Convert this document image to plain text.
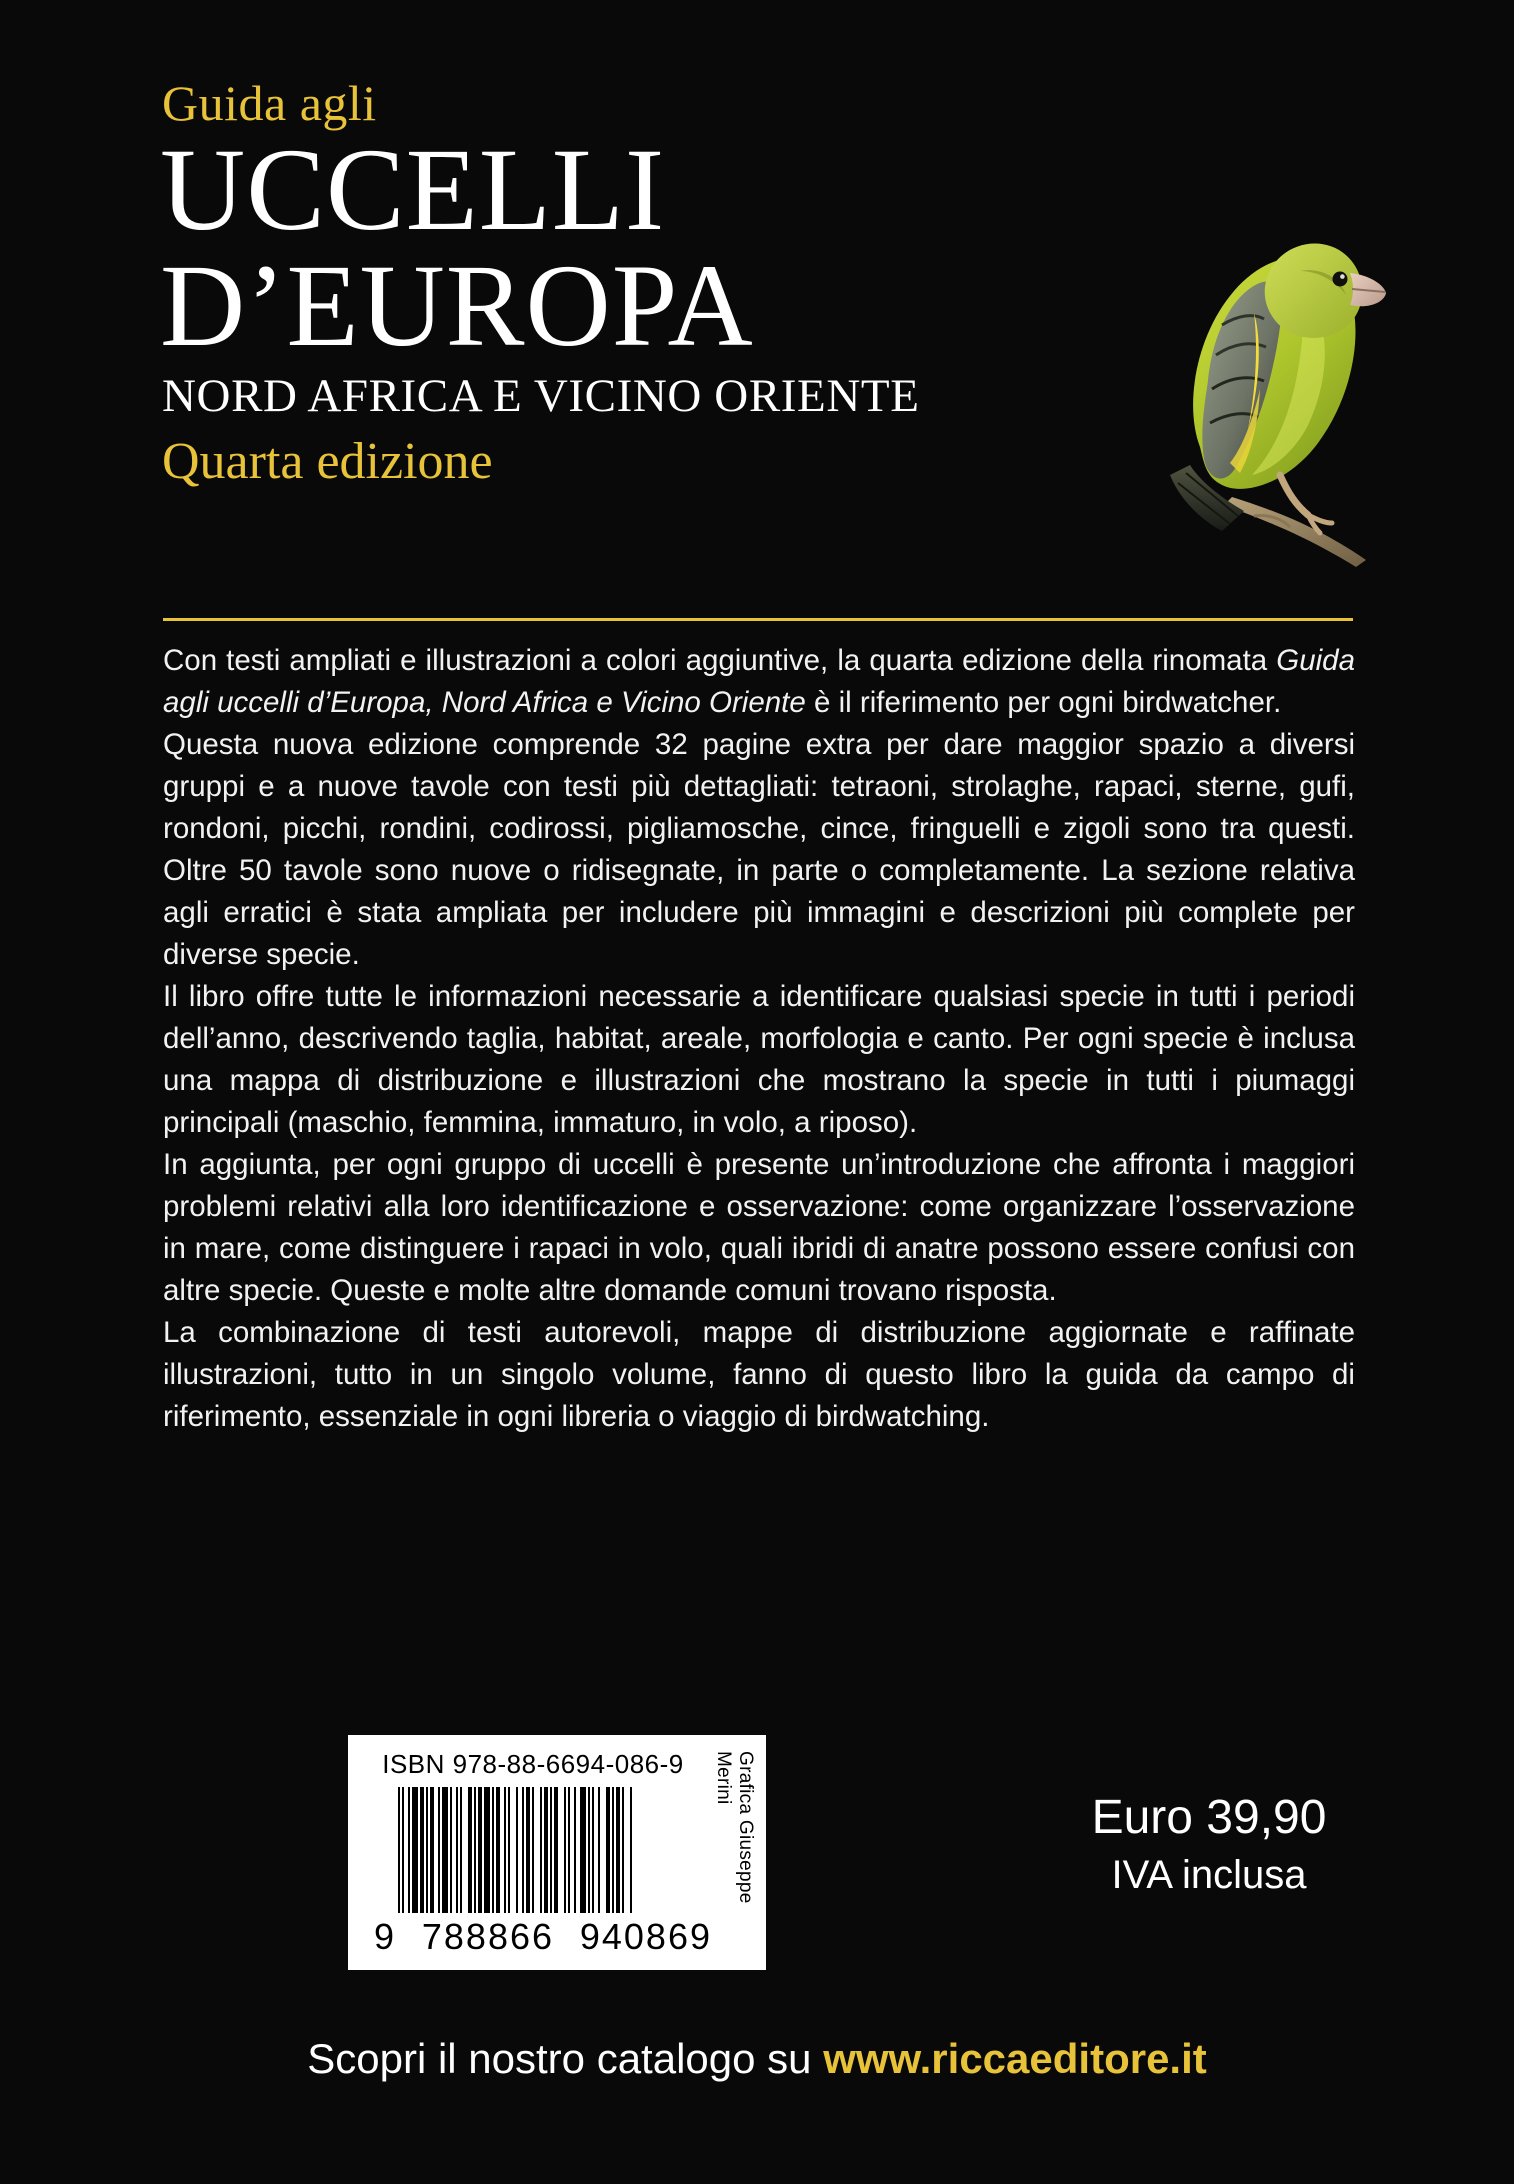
Guida agli
UCCELLI
D’EUROPA
NORD AFRICA E VICINO ORIENTE
Quarta edizione

Con testi ampliati e illustrazioni a colori aggiuntive, la quarta edizione della rinomata Guida agli uccelli d’Europa, Nord Africa e Vicino Oriente è il riferimento per ogni birdwatcher.

Questa nuova edizione comprende 32 pagine extra per dare maggior spazio a diversi gruppi e a nuove tavole con testi più dettagliati: tetraoni, strolaghe, rapaci, sterne, gufi, rondoni, picchi, rondini, codirossi, pigliamosche, cince, fringuelli e zigoli sono tra questi. Oltre 50 tavole sono nuove o ridisegnate, in parte o completamente. La sezione relativa agli erratici è stata ampliata per includere più immagini e descrizioni più complete per diverse specie.

Il libro offre tutte le informazioni necessarie a identificare qualsiasi specie in tutti i periodi dell’anno, descrivendo taglia, habitat, areale, morfologia e canto. Per ogni specie è inclusa una mappa di distribuzione e illustrazioni che mostrano la specie in tutti i piumaggi principali (maschio, femmina, immaturo, in volo, a riposo).

In aggiunta, per ogni gruppo di uccelli è presente un’introduzione che affronta i maggiori problemi relativi alla loro identificazione e osservazione: come organizzare l’osservazione in mare, come distinguere i rapaci in volo, quali ibridi di anatre possono essere confusi con altre specie. Queste e molte altre domande comuni trovano risposta.

La combinazione di testi autorevoli, mappe di distribuzione aggiornate e raffinate illustrazioni, tutto in un singolo volume, fanno di questo libro la guida da campo di riferimento, essenziale in ogni libreria o viaggio di birdwatching.

ISBN 978-88-6694-086-9
9 788866 940869
Grafica Giuseppe Merini
Euro 39,90
IVA inclusa
Scopri il nostro catalogo su www.riccaeditore.it
